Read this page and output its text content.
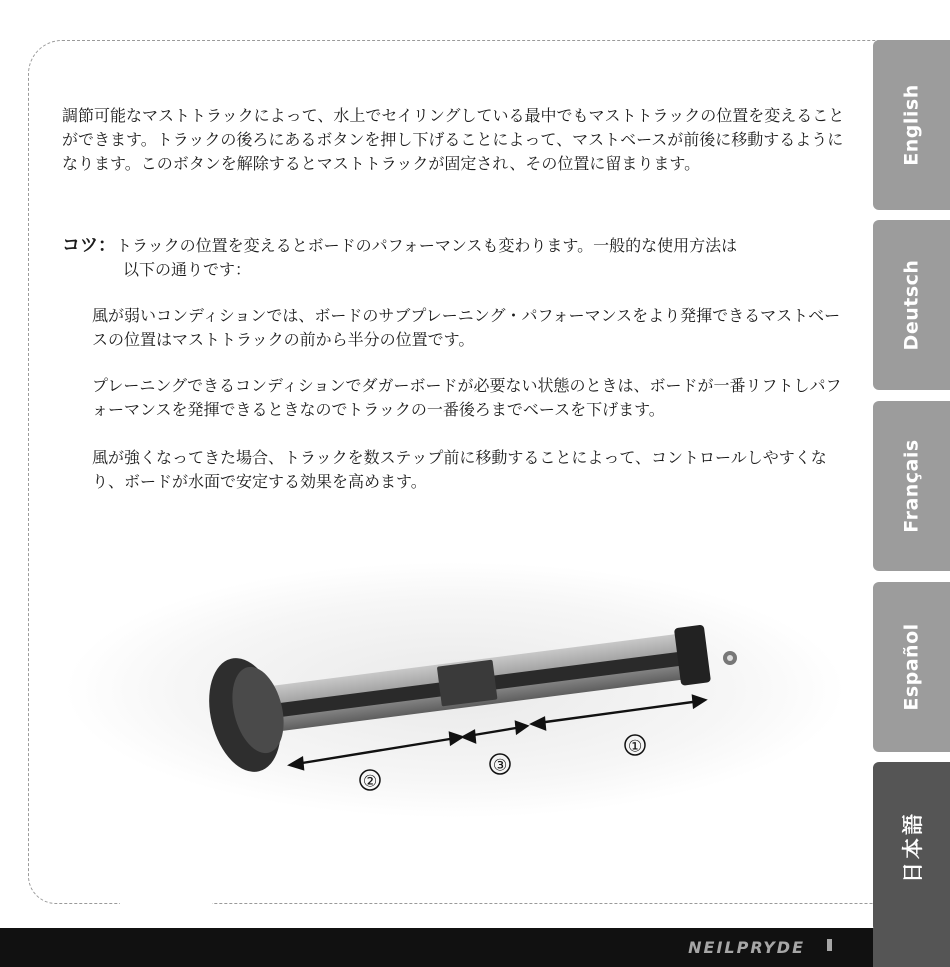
English
Deutsch
Français
Español
日本語

調節可能なマストトラックによって、水上でセイリングしている最中でもマストトラックの位置を変えることができます。トラックの後ろにあるボタンを押し下げることによって、マストベースが前後に移動するようになります。このボタンを解除するとマストトラックが固定され、その位置に留まります。

コツ：トラックの位置を変えるとボードのパフォーマンスも変わります。一般的な使用方法は
以下の通りです：

風が弱いコンディションでは、ボードのサブプレーニング・パフォーマンスをより発揮できるマストベースの位置はマストトラックの前から半分の位置です。

プレーニングできるコンディションでダガーボードが必要ない状態のときは、ボードが一番リフトしパフォーマンスを発揮できるときなのでトラックの一番後ろまでベースを下げます。

風が強くなってきた場合、トラックを数ステップ前に移動することによって、コントロールしやすくなり、ボードが水面で安定する効果を高めます。

①
②
③
NEILPRYDE
